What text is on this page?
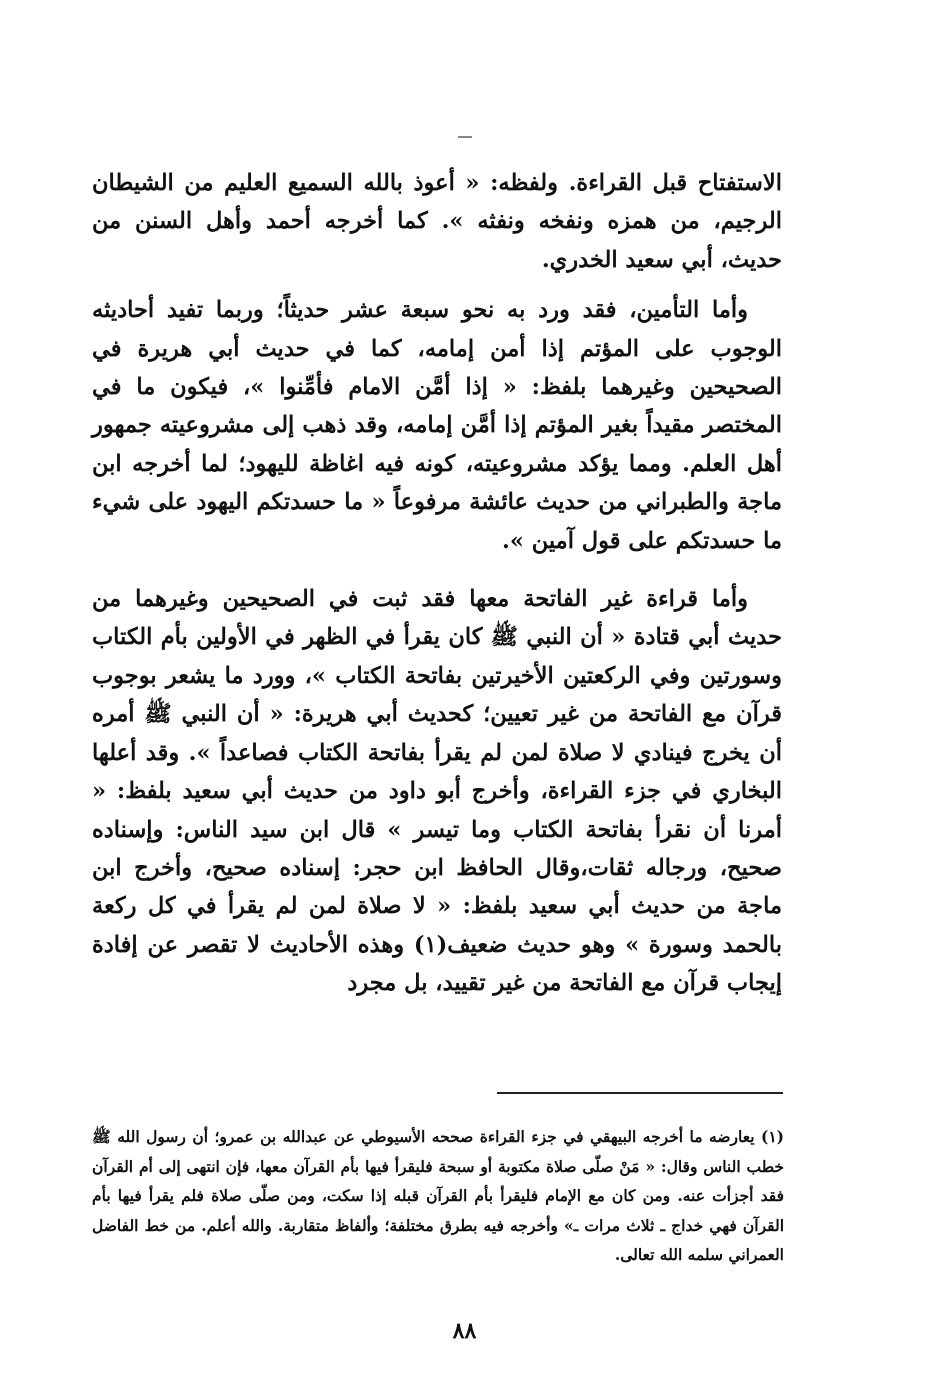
الاستفتاح قبل القراءة. ولفظه: « أعوذ بالله السميع العليم من الشيطان الرجيم، من همزه ونفخه ونفثه ». كما أخرجه أحمد وأهل السنن من حديث، أبي سعيد الخدري.

وأما التأمين، فقد ورد به نحو سبعة عشر حديثاً؛ وربما تفيد أحاديثه الوجوب على المؤتم إذا أمن إمامه، كما في حديث أبي هريرة في الصحيحين وغيرهما بلفظ: « إذا أمَّن الامام فأمِّنوا »، فيكون ما في المختصر مقيداً بغير المؤتم إذا أمَّن إمامه، وقد ذهب إلى مشروعيته جمهور أهل العلم. ومما يؤكد مشروعيته، كونه فيه اغاظة لليهود؛ لما أخرجه ابن ماجة والطبراني من حديث عائشة مرفوعاً « ما حسدتكم اليهود على شيء ما حسدتكم على قول آمين ».

وأما قراءة غير الفاتحة معها فقد ثبت في الصحيحين وغيرهما من حديث أبي قتادة « أن النبي ﷺ كان يقرأ في الظهر في الأولين بأم الكتاب وسورتين وفي الركعتين الأخيرتين بفاتحة الكتاب »، وورد ما يشعر بوجوب قرآن مع الفاتحة من غير تعيين؛ كحديث أبي هريرة: « أن النبي ﷺ أمره أن يخرج فينادي لا صلاة لمن لم يقرأ بفاتحة الكتاب فصاعداً ». وقد أعلها البخاري في جزء القراءة، وأخرج أبو داود من حديث أبي سعيد بلفظ: « أمرنا أن نقرأ بفاتحة الكتاب وما تيسر » قال ابن سيد الناس: وإسناده صحيح، ورجاله ثقات،وقال الحافظ ابن حجر: إسناده صحيح، وأخرج ابن ماجة من حديث أبي سعيد بلفظ: « لا صلاة لمن لم يقرأ في كل ركعة بالحمد وسورة » وهو حديث ضعيف(١) وهذه الأحاديث لا تقصر عن إفادة إيجاب قرآن مع الفاتحة من غير تقييد، بل مجرد

(١) يعارضه ما أخرجه البيهقي في جزء القراءة صححه الأسيوطي عن عبدالله بن عمرو؛ أن رسول الله ﷺ خطب الناس وقال: « مَنْ صلّى صلاة مكتوبة أو سبحة فليقرأ فيها بأم القرآن معها، فإن انتهى إلى أم القرآن فقد أجزأت عنه. ومن كان مع الإمام فليقرأ بأم القرآن قبله إذا سكت، ومن صلّى صلاة فلم يقرأ فيها بأم القرآن فهي خداج ـ ثلاث مرات ـ» وأخرجه فيه بطرق مختلفة؛ وألفاظ متقاربة. والله أعلم. من خط الفاضل العمراني سلمه الله تعالى.
٨٨
